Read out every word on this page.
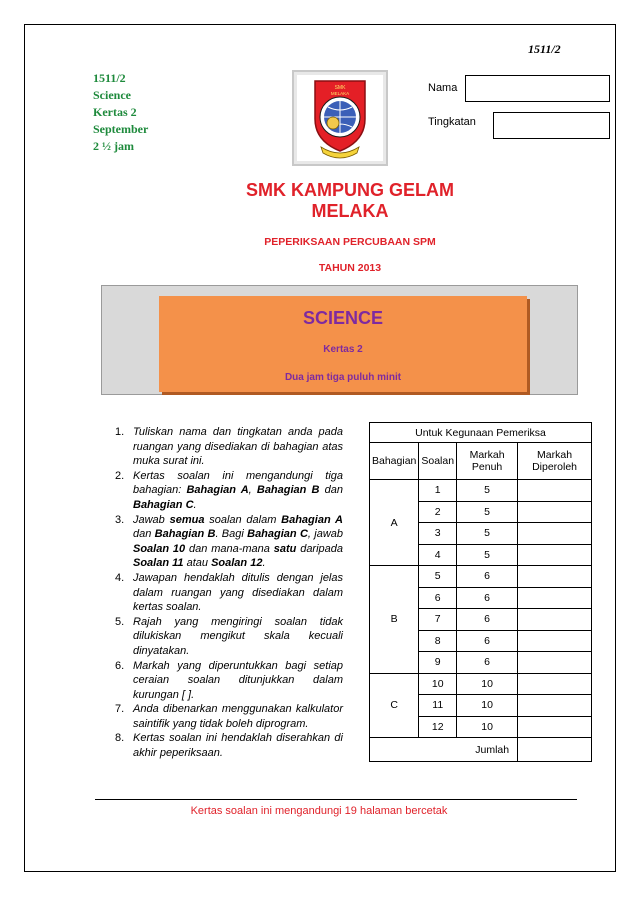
1511/2
1511/2
Science
Kertas 2
September
2 ½ jam
SMK
MELAKA	Nama
Tingkatan
SMK KAMPUNG GELAM
MELAKA
PEPERIKSAAN PERCUBAAN SPM
TAHUN 2013
SCIENCE
Kertas 2
Dua jam tiga puluh minit
1. Tuliskan nama dan tingkatan anda pada ruangan yang disediakan di bahagian atas muka surat ini.
2. Kertas soalan ini mengandungi tiga bahagian: Bahagian A, Bahagian B dan Bahagian C.
3. Jawab semua soalan dalam Bahagian A dan Bahagian B. Bagi Bahagian C, jawab Soalan 10 dan mana-mana satu daripada Soalan 11 atau Soalan 12.
4. Jawapan hendaklah ditulis dengan jelas dalam ruangan yang disediakan dalam kertas soalan.
5. Rajah yang mengiringi soalan tidak dilukiskan mengikut skala kecuali dinyatakan.
6. Markah yang diperuntukkan bagi setiap ceraian soalan ditunjukkan dalam kurungan [ ].
7. Anda dibenarkan menggunakan kalkulator saintifik yang tidak boleh diprogram.
8. Kertas soalan ini hendaklah diserahkan di akhir peperiksaan.
Untuk Kegunaan Pemeriksa			
Bahagian	Soalan	Markah Penuh	Markah Diperoleh
A	1	5	
	2	5	
	3	5	
	4	5	
B	5	6	
	6	6	
	7	6	
	8	6	
	9	6	
C	10	10	
	11	10	
	12	10	
Jumlah			
Kertas soalan ini mengandungi 19 halaman bercetak
